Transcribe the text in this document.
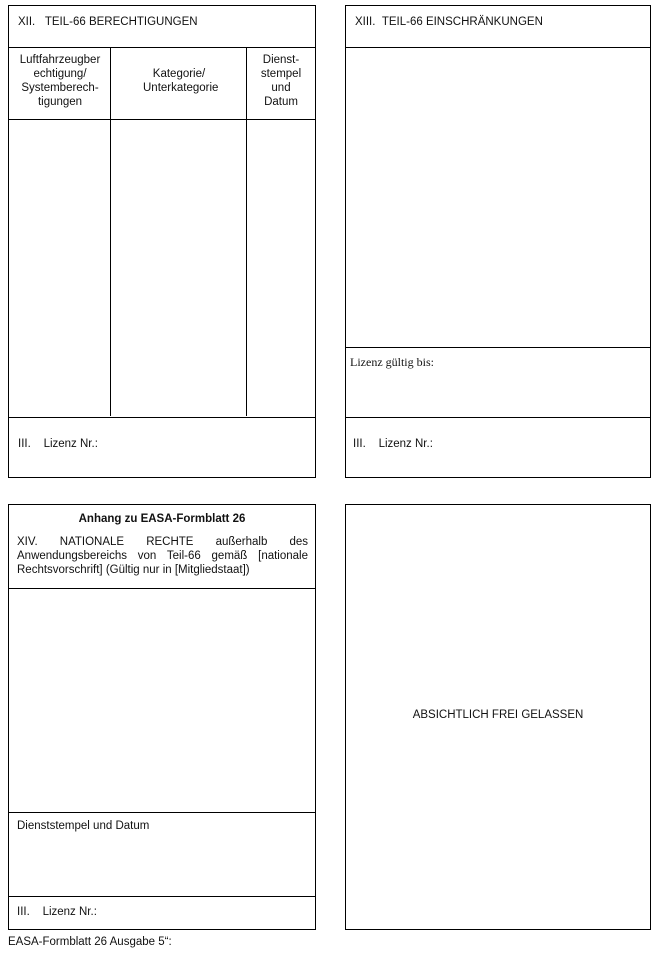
XII. TEIL-66 BERECHTIGUNGEN
Luftfahrzeugber echtigung/ Systemberech- tigungen
Kategorie/ Unterkategorie
Dienst- stempel und Datum
III. Lizenz Nr.:
XIII. TEIL-66 EINSCHRÄNKUNGEN
Lizenz gültig bis:
III. Lizenz Nr.:
Anhang zu EASA-Formblatt 26
XIV. NATIONALE RECHTE außerhalb des Anwendungsbereichs von Teil-66 gemäß [nationale Rechtsvorschrift] (Gültig nur in [Mitgliedstaat])
Dienststempel und Datum
III. Lizenz Nr.:
ABSICHTLICH FREI GELASSEN
EASA-Formblatt 26 Ausgabe 5“:
